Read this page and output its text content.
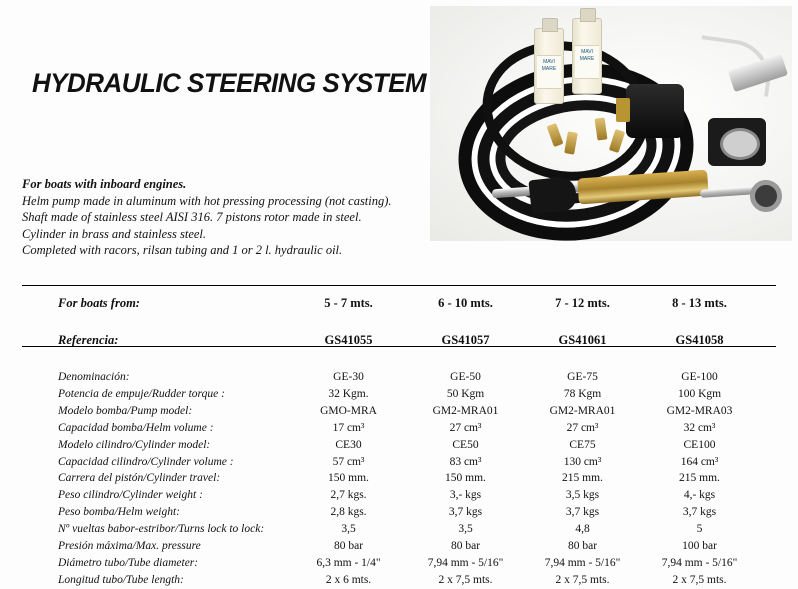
HYDRAULIC STEERING SYSTEM
For boats with inboard engines.
Helm pump made in aluminum with hot pressing processing (not casting).
Shaft made of stainless steel AISI 316. 7 pistons rotor made in steel.
Cylinder in brass and stainless steel.
Completed with racors, rilsan tubing and 1 or 2 l. hydraulic oil.
MAVI MARE
MAVI MARE
For boats from:	5 - 7 mts.	6 - 10 mts.	7 - 12 mts.	8 - 13 mts.
Referencia:	GS41055	GS41057	GS41061	GS41058

Denominación:	GE-30	GE-50	GE-75	GE-100
Potencia de empuje/Rudder torque :	32 Kgm.	50 Kgm	78 Kgm	100 Kgm
Modelo bomba/Pump model:	GMO-MRA	GM2-MRA01	GM2-MRA01	GM2-MRA03
Capacidad bomba/Helm volume :	17 cm³	27 cm³	27 cm³	32 cm³
Modelo cilindro/Cylinder model:	CE30	CE50	CE75	CE100
Capacidad cilindro/Cylinder volume :	57 cm³	83 cm³	130 cm³	164 cm³
Carrera del pistón/Cylinder travel:	150 mm.	150 mm.	215 mm.	215 mm.
Peso cilindro/Cylinder weight :	2,7 kgs.	3,- kgs	3,5 kgs	4,- kgs
Peso bomba/Helm weight:	2,8 kgs.	3,7 kgs	3,7 kgs	3,7 kgs
Nº vueltas babor-estribor/Turns lock to lock:	3,5	3,5	4,8	5
Presión máxima/Max. pressure	80 bar	80 bar	80 bar	100 bar
Diámetro tubo/Tube diameter:	6,3 mm - 1/4"	7,94 mm - 5/16"	7,94 mm - 5/16"	7,94 mm - 5/16"
Longitud tubo/Tube length:	2 x 6 mts.	2 x 7,5 mts.	2 x 7,5 mts.	2 x 7,5 mts.
